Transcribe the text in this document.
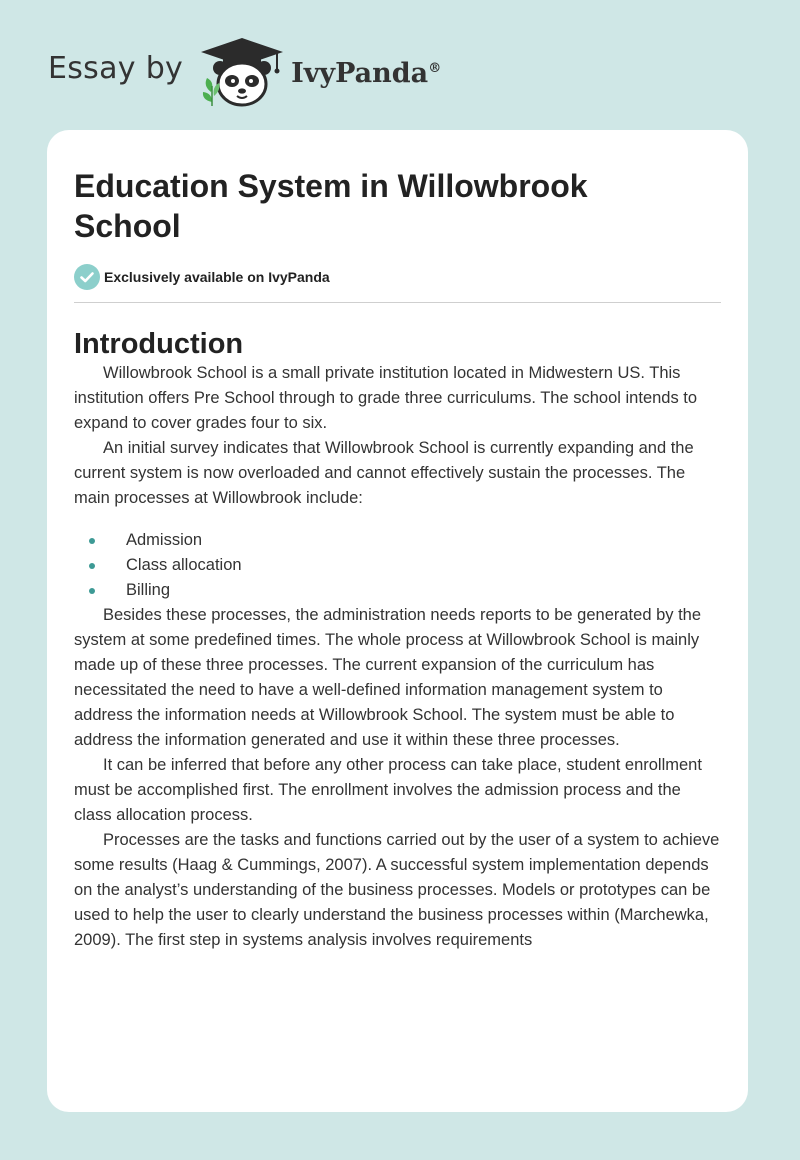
Essay by	IvyPanda®
Education System in Willowbrook School
Exclusively available on IvyPanda
Introduction

Willowbrook School is a small private institution located in Midwestern US. This institution offers Pre School through to grade three curriculums. The school intends to expand to cover grades four to six.

An initial survey indicates that Willowbrook School is currently expanding and the current system is now overloaded and cannot effectively sustain the processes. The main processes at Willowbrook include:

Admission
Class allocation
Billing

Besides these processes, the administration needs reports to be generated by the system at some predefined times. The whole process at Willowbrook School is mainly made up of these three processes. The current expansion of the curriculum has necessitated the need to have a well-defined information management system to address the information needs at Willowbrook School. The system must be able to address the information generated and use it within these three processes.

It can be inferred that before any other process can take place, student enrollment must be accomplished first. The enrollment involves the admission process and the class allocation process.

Processes are the tasks and functions carried out by the user of a system to achieve some results (Haag & Cummings, 2007). A successful system implementation depends on the analyst’s understanding of the business processes. Models or prototypes can be used to help the user to clearly understand the business processes within (Marchewka, 2009). The first step in systems analysis involves requirements
